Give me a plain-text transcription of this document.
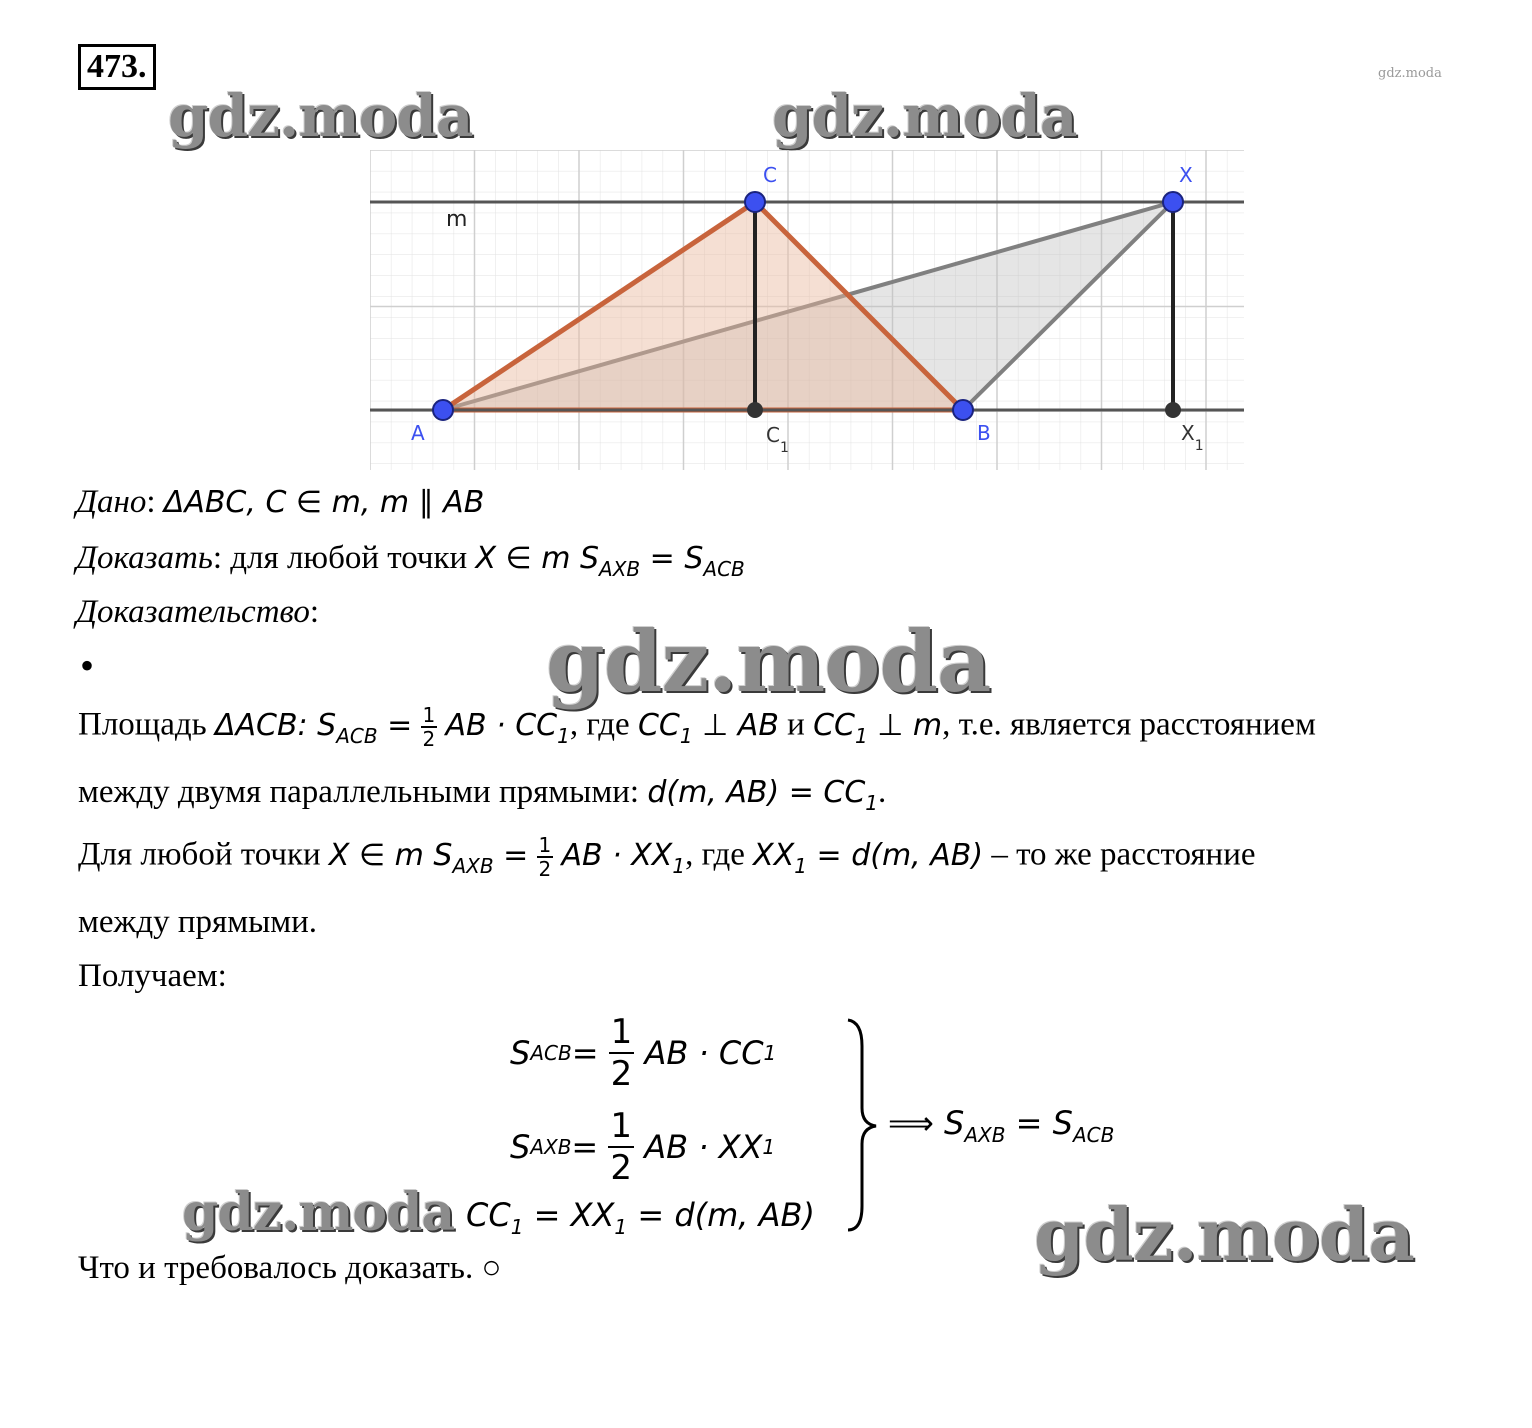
473.	gdz.moda
gdz.moda	gdz.moda
m
A
C
B
X
$C_1$
$X_1$
Дано: ΔABC, C ∈ m, m ∥ AB
Доказать: для любой точки X ∈ m $S_{AXB} = S_{ACB}$
Доказательство:
•	gdz.moda
Площадь ΔACB: $S_{ACB} = \frac{1}{2}$ AB · $CC_1$, где $CC_1$ ⊥ AB и $CC_1$ ⊥ m, т.е. является расстоянием
между двумя параллельными прямыми: d(m, $AB) = CC_1$.
Для любой точки X ∈ m $S_{AXB} = \frac{1}{2}$ AB · $XX_1$, где $XX_1 = d(m$, AB) – то же расстояние
между прямыми.
Получаем:
S ACB =
$\frac{1}{2}$
AB · CC 1
S AXB =
$\frac{1}{2}$
AB · XX 1
gdz.moda $CC_1 = XX_1 = d(m$, AB)
⟹ $S_{AXB} = S_{ACB}$
gdz.moda
Что и требовалось доказать. ○
